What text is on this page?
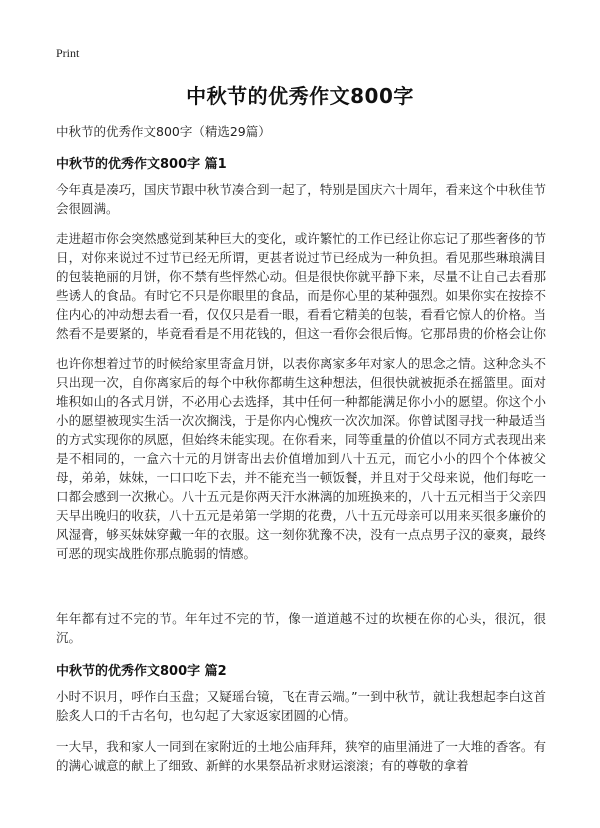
Print
中秋节的优秀作文800字
中秋节的优秀作文800字（精选29篇）
中秋节的优秀作文800字 篇1

今年真是凑巧，国庆节跟中秋节凑合到一起了，特别是国庆六十周年，看来这个中秋佳节会很圆满。

走进超市你会突然感觉到某种巨大的变化，或许繁忙的工作已经让你忘记了那些奢侈的节日，对你来说过不过节已经无所谓，更甚者说过节已经成为一种负担。看见那些琳琅满目的包装艳丽的月饼，你不禁有些怦然心动。但是很快你就平静下来，尽量不让自己去看那些诱人的食品。有时它不只是你眼里的食品，而是你心里的某种强烈。如果你实在按捺不住内心的冲动想去看一看，仅仅只是看一眼，看看它精美的包装，看看它惊人的价格。当然看不是要紧的，毕竟看看是不用花钱的，但这一看你会很后悔。它那昂贵的价格会让你

也许你想着过节的时候给家里寄盒月饼，以表你离家多年对家人的思念之情。这种念头不只出现一次，自你离家后的每个中秋你都萌生这种想法，但很快就被扼杀在摇篮里。面对堆积如山的各式月饼，不必用心去选择，其中任何一种都能满足你小小的愿望。你这个小小的愿望被现实生活一次次搁浅，于是你内心愧疚一次次加深。你曾试图寻找一种最适当的方式实现你的夙愿，但始终未能实现。在你看来，同等重量的价值以不同方式表现出来是不相同的，一盒六十元的月饼寄出去价值增加到八十五元，而它小小的四个个体被父母，弟弟，妹妹，一口口吃下去，并不能充当一顿饭餐，并且对于父母来说，他们每吃一口都会感到一次揪心。八十五元是你两天汗水淋漓的加班换来的，八十五元相当于父亲四天早出晚归的收获，八十五元是弟第一学期的花费，八十五元母亲可以用来买很多廉价的风湿膏，够买妹妹穿戴一年的衣服。这一刻你犹豫不决，没有一点点男子汉的豪爽，最终可恶的现实战胜你那点脆弱的情感。

年年都有过不完的节。年年过不完的节，像一道道越不过的坎梗在你的心头，很沉，很沉。

中秋节的优秀作文800字 篇2

小时不识月，呼作白玉盘；又疑瑶台镜，飞在青云端。”一到中秋节，就让我想起李白这首脍炙人口的千古名句，也勾起了大家返家团圆的心情。

一大早，我和家人一同到在家附近的土地公庙拜拜，狭窄的庙里涌进了一大堆的香客。有的满心诚意的献上了细致、新鲜的水果祭品祈求财运滚滚；有的尊敬的拿着
